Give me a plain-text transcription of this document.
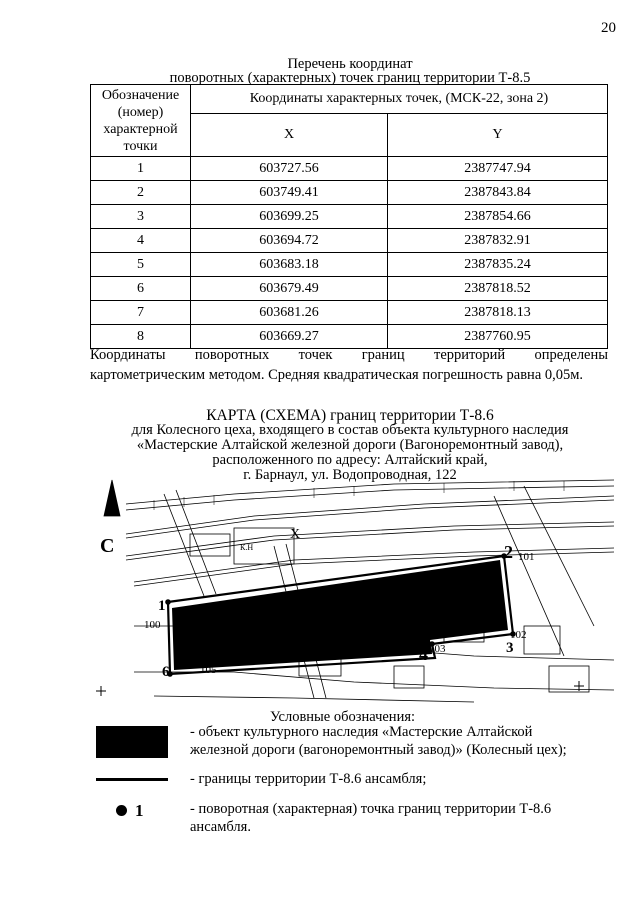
20
Перечень координат
поворотных (характерных) точек границ территории Т-8.5
Обозначение
(номер)
характерной
точки	Координаты характерных точек, (МСК-22, зона 2)	
	X	Y
1	603727.56	2387747.94
2	603749.41	2387843.84
3	603699.25	2387854.66
4	603694.72	2387832.91
5	603683.18	2387835.24
6	603679.49	2387818.52
7	603681.26	2387818.13
8	603669.27	2387760.95
Координаты поворотных точек границ территорий определены
картометрическим методом. Средняя квадратическая погрешность равна 0,05м.
КАРТА (СХЕМА) границ территории Т-8.6
для Колесного цеха, входящего в состав объекта культурного наследия
«Мастерские Алтайской железной дороги (Вагоноремонтный завод),
расположенного по адресу: Алтайский край,
г. Барнаул, ул. Водопроводная, 122
С
1
2
3
4
6
100
101
102
103
104
105
X
К.Н
Условные обозначения:
- объект культурного наследия «Мастерские Алтайской
железной дороги (вагоноремонтный завод)» (Колесный цех);
- границы территории Т-8.6 ансамбля;
1	- поворотная (характерная) точка границ территории Т-8.6
ансамбля.
